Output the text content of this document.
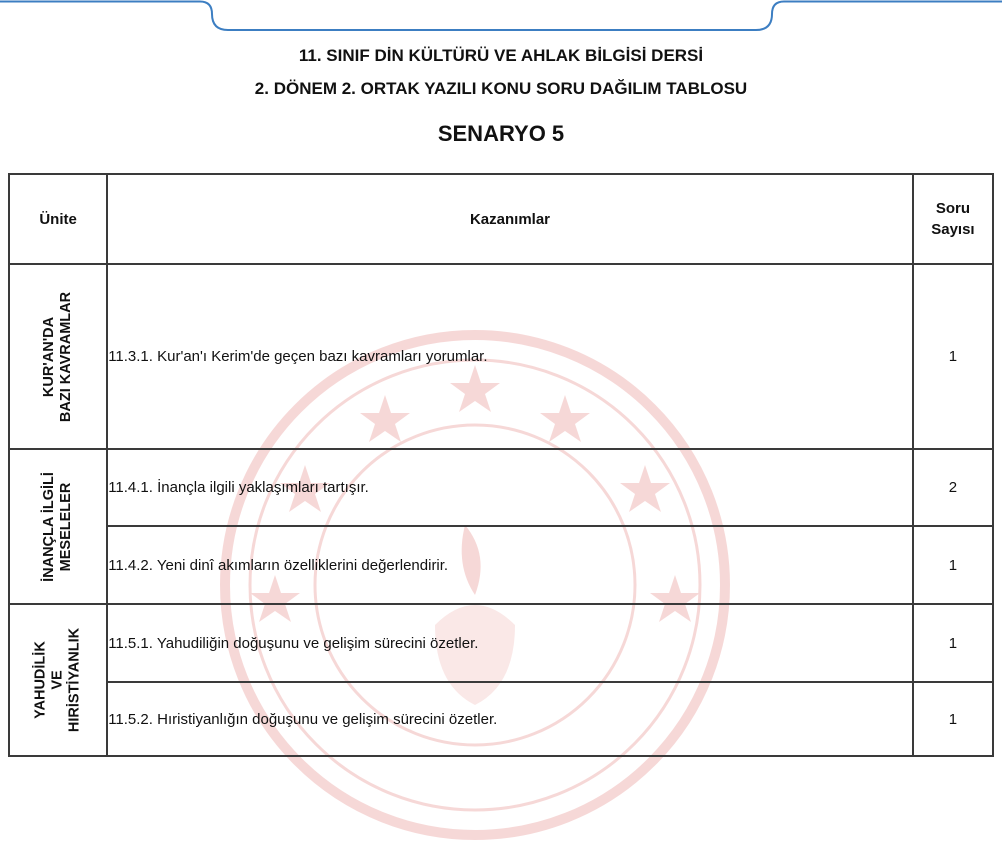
11. SINIF DİN KÜLTÜRÜ VE AHLAK BİLGİSİ DERSİ
2. DÖNEM 2. ORTAK YAZILI KONU SORU DAĞILIM TABLOSU
SENARYO 5
Ünite	Kazanımlar	Soru
Sayısı

KUR'AN'DA BAZI KAVRAMLAR	11.3.1. Kur'an'ı Kerim'de geçen bazı kavramları yorumlar.	1

İNANÇLA İLGİLİ MESELELER	11.4.1. İnançla ilgili yaklaşımları tartışır.	2
	11.4.2. Yeni dinî akımların özelliklerini değerlendirir.	1

YAHUDİLİK VE HIRİSTİYANLIK	11.5.1. Yahudiliğin doğuşunu ve gelişim sürecini özetler.	1
	11.5.2. Hıristiyanlığın doğuşunu ve gelişim sürecini özetler.	1
